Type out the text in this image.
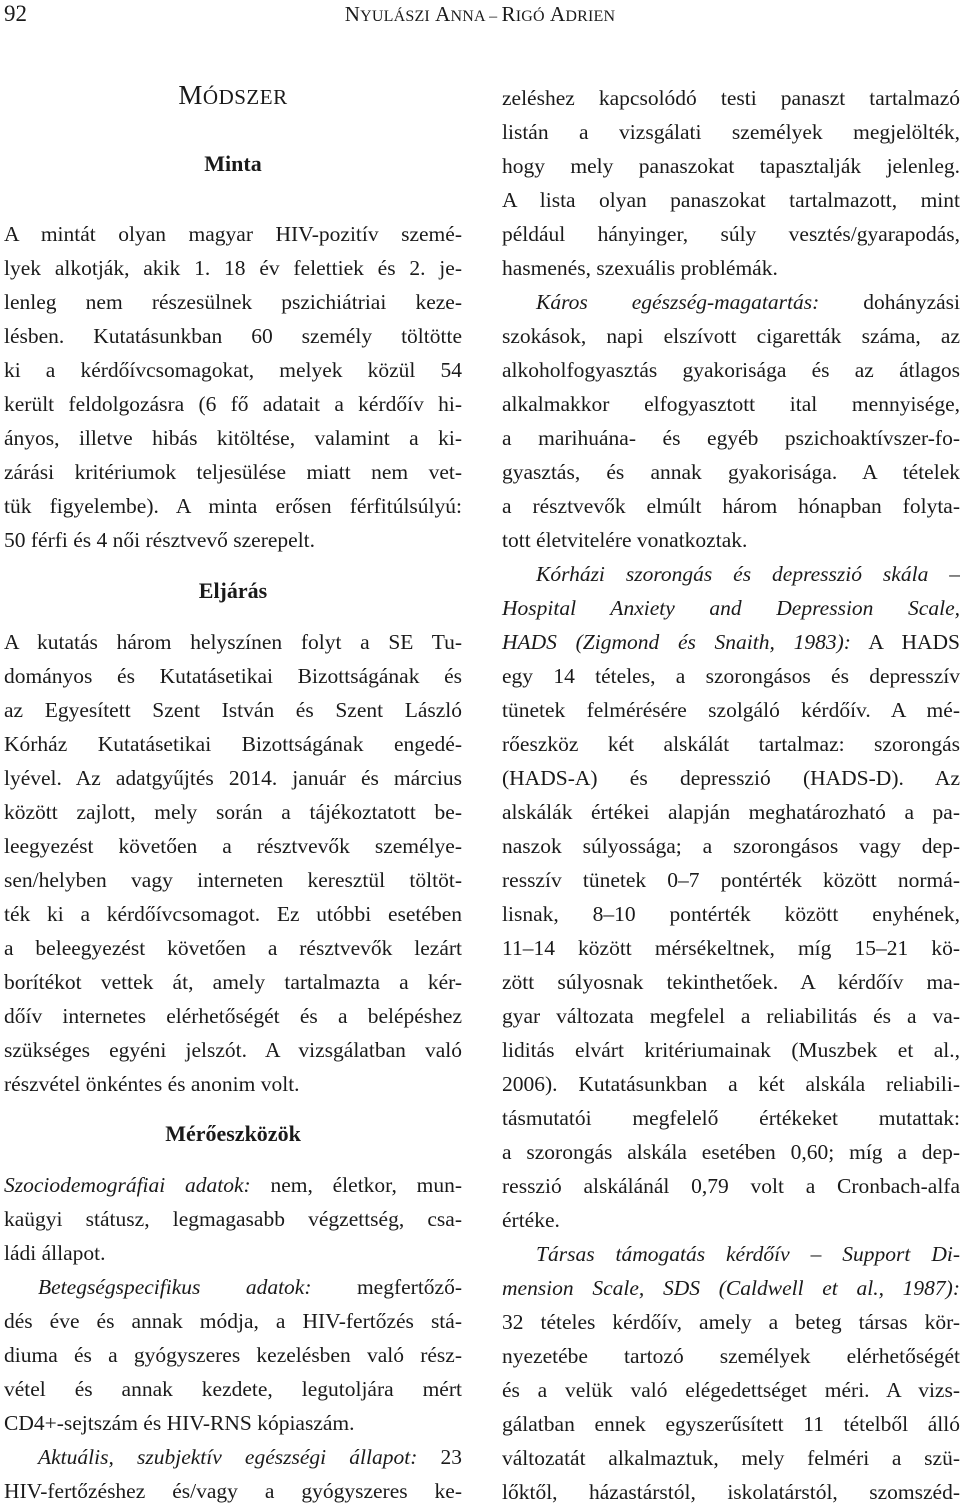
92	NYULÁSZI ANNA – RIGÓ ADRIEN
MÓDSZER
Minta
A mintát olyan magyar HIV-pozitív szemé-
lyek alkotják, akik 1. 18 év felettiek és 2. je-
lenleg nem részesülnek pszichiátriai keze-
lésben. Kutatásunkban 60 személy töltötte
ki a kérdőívcsomagokat, melyek közül 54
került feldolgozásra (6 fő adatait a kérdőív hi-
ányos, illetve hibás kitöltése, valamint a ki-
zárási kritériumok teljesülése miatt nem vet-
tük figyelembe). A minta erősen férfitúlsúlyú:
50 férfi és 4 női résztvevő szerepelt.
Eljárás
A kutatás három helyszínen folyt a SE Tu-
dományos és Kutatásetikai Bizottságának és
az Egyesített Szent István és Szent László
Kórház Kutatásetikai Bizottságának engedé-
lyével. Az adatgyűjtés 2014. január és március
között zajlott, mely során a tájékoztatott be-
leegyezést követően a résztvevők személye-
sen/helyben vagy interneten keresztül töltöt-
ték ki a kérdőívcsomagot. Ez utóbbi esetében
a beleegyezést követően a résztvevők lezárt
borítékot vettek át, amely tartalmazta a kér-
dőív internetes elérhetőségét és a belépéshez
szükséges egyéni jelszót. A vizsgálatban való
részvétel önkéntes és anonim volt.
Mérőeszközök
Szociodemográfiai adatok: nem, életkor, mun-
kaügyi státusz, legmagasabb végzettség, csa-
ládi állapot.
Betegségspecifikus adatok: megfertőző-
dés éve és annak módja, a HIV-fertőzés stá-
diuma és a gyógyszeres kezelésben való rész-
vétel és annak kezdete, legutoljára mért
CD4+-sejtszám és HIV-RNS kópiaszám.
Aktuális, szubjektív egészségi állapot: 23
HIV-fertőzéshez és/vagy a gyógyszeres ke-
zeléshez kapcsolódó testi panaszt tartalmazó
listán a vizsgálati személyek megjelölték,
hogy mely panaszokat tapasztalják jelenleg.
A lista olyan panaszokat tartalmazott, mint
például hányinger, súly vesztés/gyarapodás,
hasmenés, szexuális problémák.
Káros egészség-magatartás: dohányzási
szokások, napi elszívott cigaretták száma, az
alkoholfogyasztás gyakorisága és az átlagos
alkalmakkor elfogyasztott ital mennyisége,
a marihuána- és egyéb pszichoaktívszer-fo-
gyasztás, és annak gyakorisága. A tételek
a résztvevők elmúlt három hónapban folyta-
tott életvitelére vonatkoztak.
Kórházi szorongás és depresszió skála –
Hospital Anxiety and Depression Scale,
HADS (Zigmond és Snaith, 1983): A HADS
egy 14 tételes, a szorongásos és depresszív
tünetek felmérésére szolgáló kérdőív. A mé-
rőeszköz két alskálát tartalmaz: szorongás
(HADS-A) és depresszió (HADS-D). Az
alskálák értékei alapján meghatározható a pa-
naszok súlyossága; a szorongásos vagy dep-
resszív tünetek 0–7 pontérték között normá-
lisnak, 8–10 pontérték között enyhének,
11–14 között mérsékeltnek, míg 15–21 kö-
zött súlyosnak tekinthetőek. A kérdőív ma-
gyar változata megfelel a reliabilitás és a va-
liditás elvárt kritériumainak (Muszbek et al.,
2006). Kutatásunkban a két alskála reliabili-
tásmutatói megfelelő értékeket mutattak:
a szorongás alskála esetében 0,60; míg a dep-
resszió alskálánál 0,79 volt a Cronbach-alfa
értéke.
Társas támogatás kérdőív – Support Di-
mension Scale, SDS (Caldwell et al., 1987):
32 tételes kérdőív, amely a beteg társas kör-
nyezetébe tartozó személyek elérhetőségét
és a velük való elégedettséget méri. A vizs-
gálatban ennek egyszerűsített 11 tételből álló
változatát alkalmaztuk, mely felméri a szü-
lőktől, házastárstól, iskolatárstól, szomszéd-
